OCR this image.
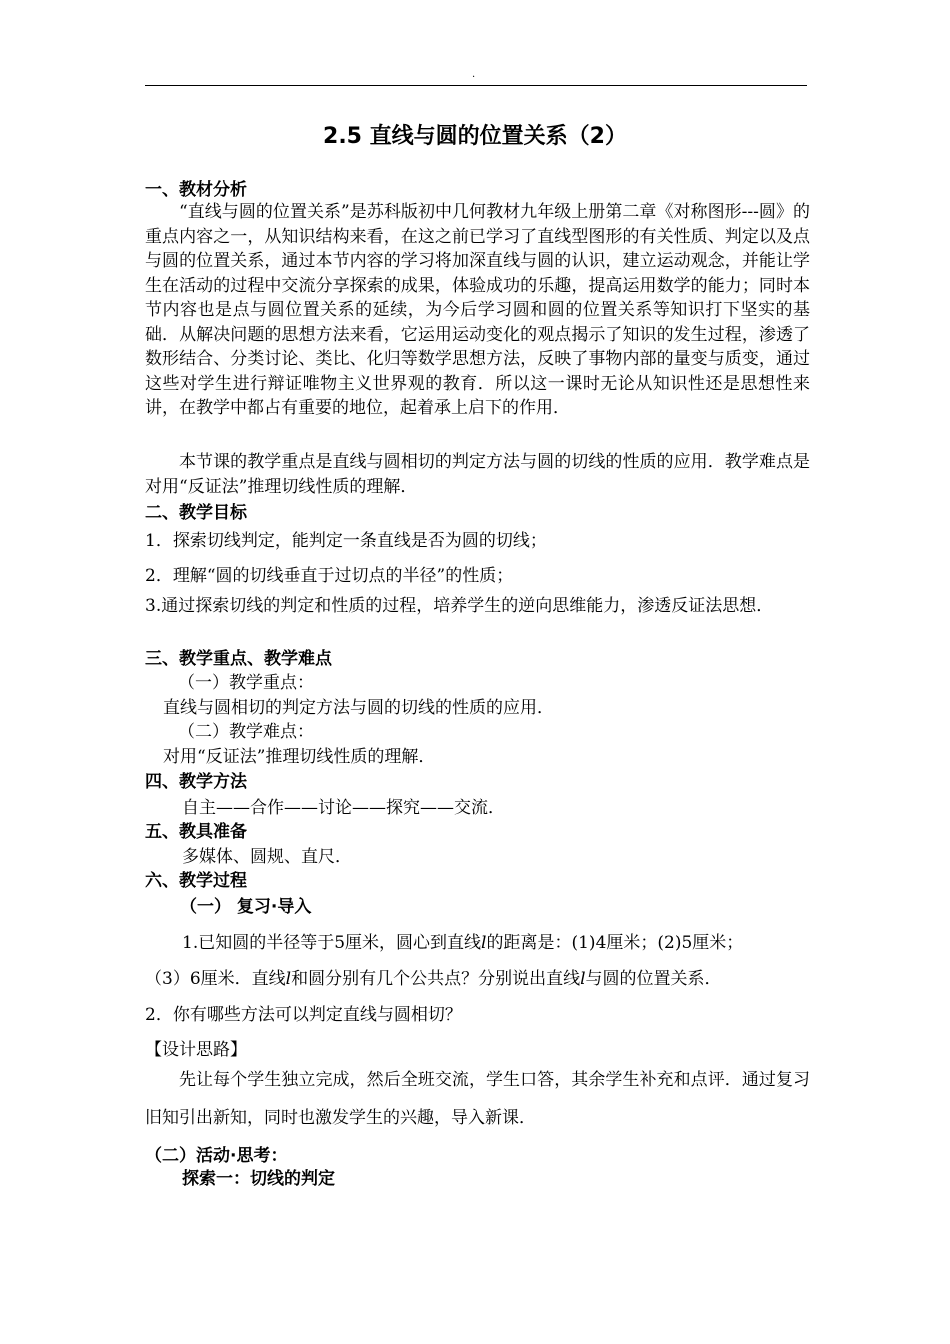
.
2.5 直线与圆的位置关系（2）
一、教材分析

“直线与圆的位置关系”是苏科版初中几何教材九年级上册第二章《对称图形---圆》的重点内容之一，从知识结构来看，在这之前已学习了直线型图形的有关性质、判定以及点与圆的位置关系，通过本节内容的学习将加深直线与圆的认识，建立运动观念，并能让学生在活动的过程中交流分享探索的成果，体验成功的乐趣，提高运用数学的能力；同时本节内容也是点与圆位置关系的延续，为今后学习圆和圆的位置关系等知识打下坚实的基础．从解决问题的思想方法来看，它运用运动变化的观点揭示了知识的发生过程，渗透了数形结合、分类讨论、类比、化归等数学思想方法，反映了事物内部的量变与质变，通过这些对学生进行辩证唯物主义世界观的教育．所以这一课时无论从知识性还是思想性来讲，在教学中都占有重要的地位，起着承上启下的作用．

本节课的教学重点是直线与圆相切的判定方法与圆的切线的性质的应用．教学难点是对用“反证法”推理切线性质的理解．

二、教学目标
1．探索切线判定，能判定一条直线是否为圆的切线；
2．理解“圆的切线垂直于过切点的半径”的性质；

3.通过探索切线的判定和性质的过程，培养学生的逆向思维能力，渗透反证法思想．

三、教学重点、教学难点
（一）教学重点：
直线与圆相切的判定方法与圆的切线的性质的应用．
（二）教学难点：
对用“反证法”推理切线性质的理解．
四、教学方法
自主——合作——讨论——探究——交流．
五、教具准备
多媒体、圆规、直尺．
六、教学过程
（一） 复习·导入
1.已知圆的半径等于5厘米，圆心到直线l的距离是：(1)4厘米；(2)5厘米；
（3）6厘米．直线l和圆分别有几个公共点？分别说出直线l与圆的位置关系．
2．你有哪些方法可以判定直线与圆相切？
【设计思路】

先让每个学生独立完成，然后全班交流，学生口答，其余学生补充和点评．通过复习旧知引出新知，同时也激发学生的兴趣，导入新课．

（二）活动·思考：
探索一：切线的判定
